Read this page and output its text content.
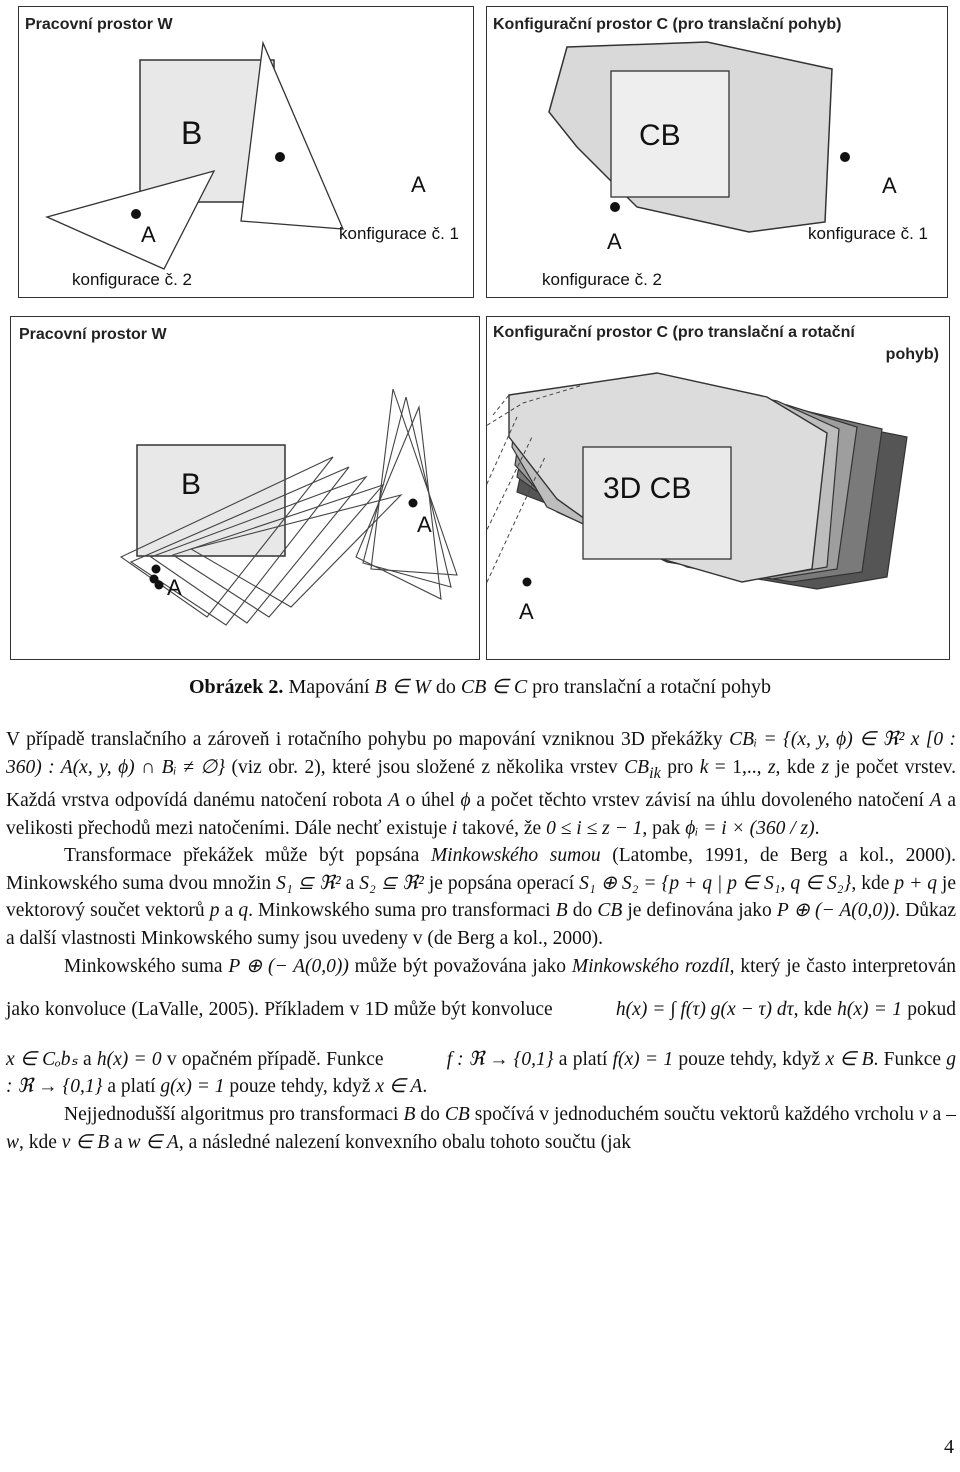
Pracovní prostor W
B
A
A	konfigurace č. 1
konfigurace č. 2
Konfigurační prostor C (pro translační pohyb)
CB
A
A	konfigurace č. 1
konfigurace č. 2
Pracovní prostor W
B
A
A
Konfigurační prostor C (pro translační a rotační
pohyb)
3D CB
A
Obrázek 2. Mapování B ∈ W do CB ∈ C pro translační a rotační pohyb

V případě translačního a zároveň i rotačního pohybu po mapování vzniknou 3D překážky CBᵢ = {(x, y, ϕ) ∈ ℜ² x [0 : 360) : A(x, y, ϕ) ∩ Bᵢ ≠ ∅} (viz obr. 2), které jsou složené z několika vrstev $CB_{ik}$ pro k = 1,.., z, kde z je počet vrstev. Každá vrstva odpovídá danému natočení robota A o úhel ϕ a počet těchto vrstev závisí na úhlu dovoleného natočení A a velikosti přechodů mezi natočeními. Dále nechť existuje i takové, že 0 ≤ i ≤ z − 1, pak ϕᵢ = i × (360 / z).

Transformace překážek může být popsána Minkowského sumou (Latombe, 1991, de Berg a kol., 2000). Minkowského suma dvou množin S₁ ⊆ ℜ² a S₂ ⊆ ℜ² je popsána operací S₁ ⊕ S₂ = {p + q | p ∈ S₁, q ∈ S₂}, kde p + q je vektorový součet vektorů p a q. Minkowského suma pro transformaci B do CB je definována jako P ⊕ (− A(0,0)). Důkaz a další vlastnosti Minkowského sumy jsou uvedeny v (de Berg a kol., 2000).

Minkowského suma P ⊕ (− A(0,0)) může být považována jako Minkowského rozdíl, který je často interpretován jako konvoluce (LaValle, 2005). Příkladem v 1D může být konvoluce	h(x) = ∫ f(τ) g(x − τ) dτ, kde h(x) = 1 pokud x ∈ Cₒbₛ a h(x) = 0 v opačném případě. Funkce	f : ℜ → {0,1} a platí f(x) = 1 pouze tehdy, když x ∈ B. Funkce g : ℜ → {0,1} a platí g(x) = 1 pouze tehdy, když x ∈ A.

Nejjednodušší algoritmus pro transformaci B do CB spočívá v jednoduchém součtu vektorů každého vrcholu v a –w, kde v ∈ B a w ∈ A, a následné nalezení konvexního obalu tohoto součtu (jak

4
